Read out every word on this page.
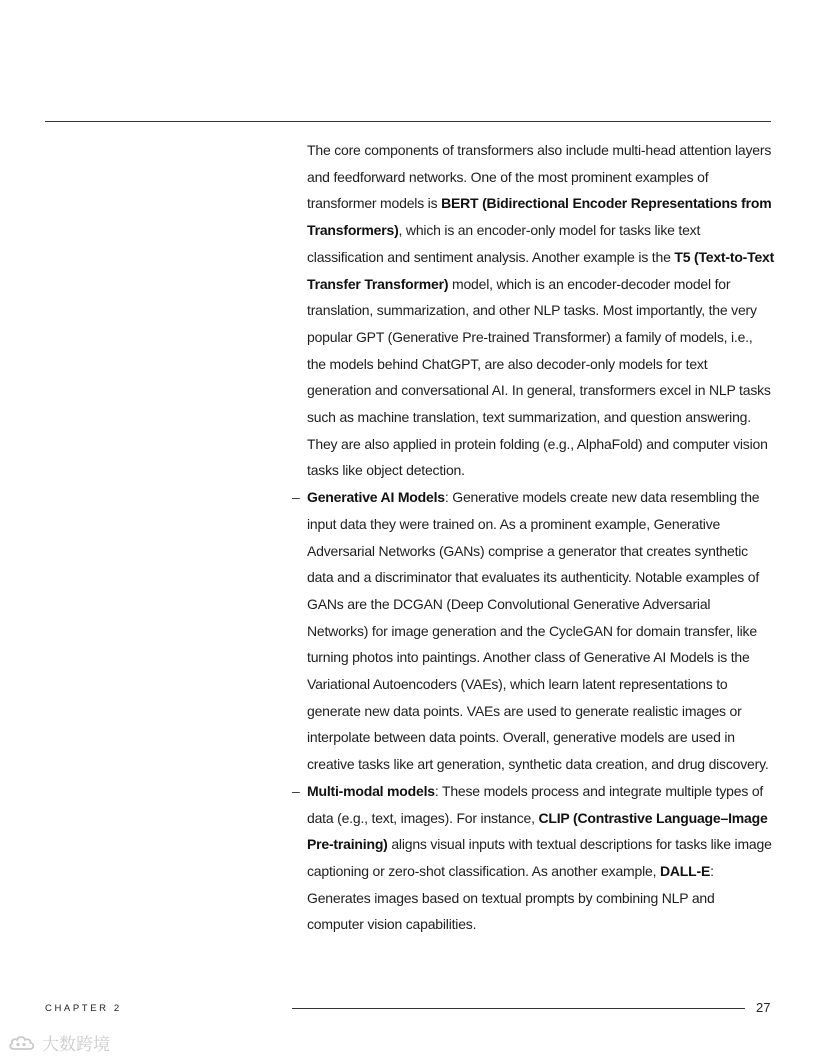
The core components of transformers also include multi-head attention layers and feedforward networks. One of the most prominent examples of transformer models is BERT (Bidirectional Encoder Representations from Transformers), which is an encoder-only model for tasks like text classification and sentiment analysis. Another example is the T5 (Text-to-Text Transfer Transformer) model, which is an encoder-decoder model for translation, summarization, and other NLP tasks. Most importantly, the very popular GPT (Generative Pre-trained Transformer) a family of models, i.e., the models behind ChatGPT, are also decoder-only models for text generation and conversational AI. In general, transformers excel in NLP tasks such as machine translation, text summarization, and question answering. They are also applied in protein folding (e.g., AlphaFold) and computer vision tasks like object detection.

– Generative AI Models: Generative models create new data resembling the input data they were trained on. As a prominent example, Generative Adversarial Networks (GANs) comprise a generator that creates synthetic data and a discriminator that evaluates its authenticity. Notable examples of GANs are the DCGAN (Deep Convolutional Generative Adversarial Networks) for image generation and the CycleGAN for domain transfer, like turning photos into paintings. Another class of Generative AI Models is the Variational Autoencoders (VAEs), which learn latent representations to generate new data points. VAEs are used to generate realistic images or interpolate between data points. Overall, generative models are used in creative tasks like art generation, synthetic data creation, and drug discovery.

– Multi-modal models: These models process and integrate multiple types of data (e.g., text, images). For instance, CLIP (Contrastive Language–Image Pre-training) aligns visual inputs with textual descriptions for tasks like image captioning or zero-shot classification. As another example, DALL-E: Generates images based on textual prompts by combining NLP and computer vision capabilities.

CHAPTER 2	27
大数跨境
